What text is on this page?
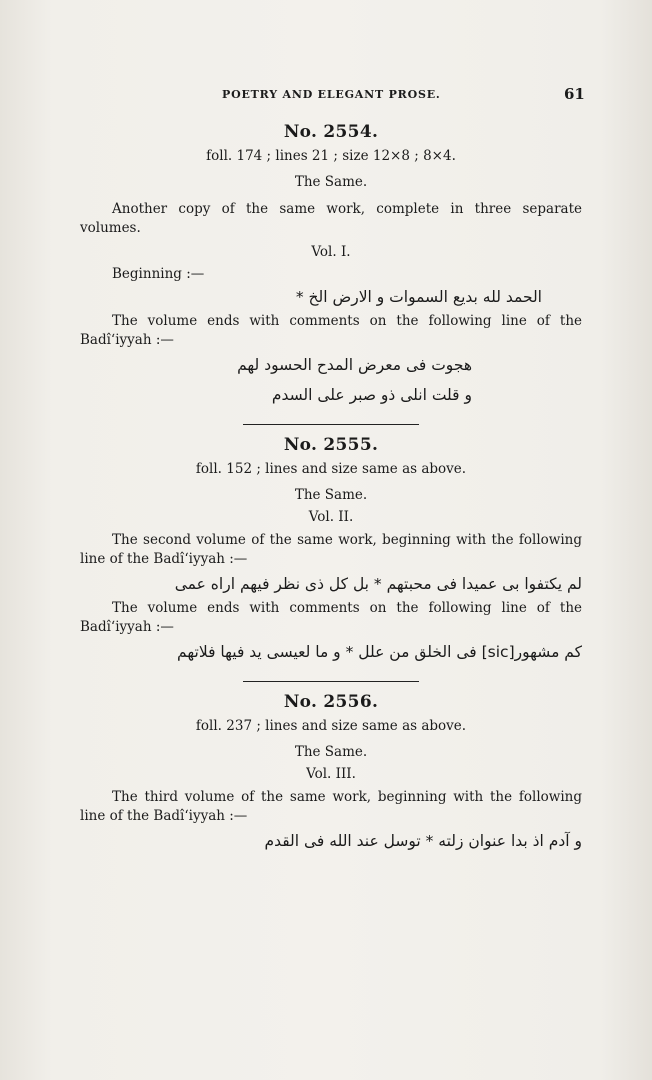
POETRY AND ELEGANT PROSE.	61
No. 2554.

foll. 174 ; lines 21 ; size 12×8 ; 8×4.

The Same.

Another copy of the same work, complete in three separate volumes.

Vol. I.

Beginning :—

الحمد لله بديع السموات و الارض الخ *

The volume ends with comments on the following line of the Badî‘iyyah :—

هجوت فى معرض المدح الحسود لهم

و قلت انلى ذو صبر على السدم

No. 2555.

foll. 152 ; lines and size same as above.

The Same.

Vol. II.

The second volume of the same work, beginning with the following line of the Badî‘iyyah :—

لم يكتفوا بى عميدا فى محبتهم * بل كل ذى نظر فيهم اراه عمى

The volume ends with comments on the following line of the Badî‘iyyah :—

كم مشهور[sic] فى الخلق من علل * و ما لعيسى يد فيها فلاتهم

No. 2556.

foll. 237 ; lines and size same as above.

The Same.

Vol. III.

The third volume of the same work, beginning with the following line of the Badî‘iyyah :—

و آدم اذ بدا عنوان زلته * توسل عند الله فى القدم
